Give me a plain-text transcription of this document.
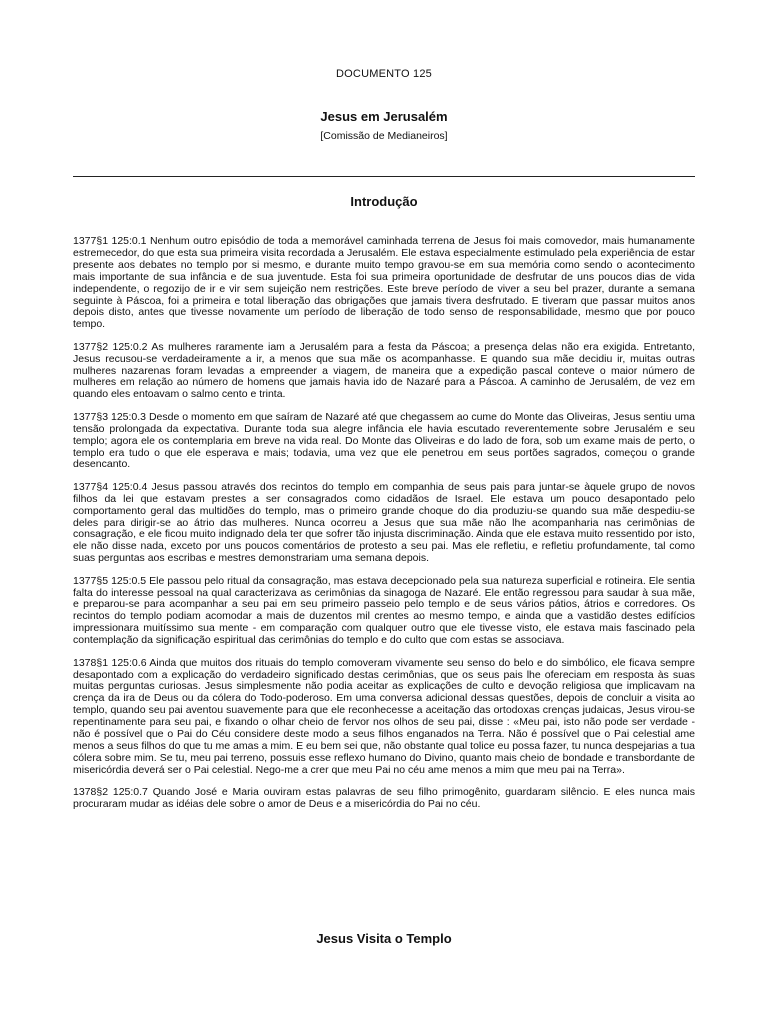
DOCUMENTO 125
Jesus em Jerusalém
[Comissão de Medianeiros]
Introdução

1377§1 125:0.1 Nenhum outro episódio de toda a memorável caminhada terrena de Jesus foi mais comovedor, mais humanamente estremecedor, do que esta sua primeira visita recordada a Jerusalém. Ele estava especialmente estimulado pela experiência de estar presente aos debates no templo por si mesmo, e durante muito tempo gravou-se em sua memória como sendo o acontecimento mais importante de sua infância e de sua juventude. Esta foi sua primeira oportunidade de desfrutar de uns poucos dias de vida independente, o regozijo de ir e vir sem sujeição nem restrições. Este breve período de viver a seu bel prazer, durante a semana seguinte à Páscoa, foi a primeira e total liberação das obrigações que jamais tivera desfrutado. E tiveram que passar muitos anos depois disto, antes que tivesse novamente um período de liberação de todo senso de responsabilidade, mesmo que por pouco tempo.

1377§2 125:0.2 As mulheres raramente iam a Jerusalém para a festa da Páscoa; a presença delas não era exigida. Entretanto, Jesus recusou-se verdadeiramente a ir, a menos que sua mãe os acompanhasse. E quando sua mãe decidiu ir, muitas outras mulheres nazarenas foram levadas a empreender a viagem, de maneira que a expedição pascal conteve o maior número de mulheres em relação ao número de homens que jamais havia ido de Nazaré para a Páscoa. A caminho de Jerusalém, de vez em quando eles entoavam o salmo cento e trinta.

1377§3 125:0.3 Desde o momento em que saíram de Nazaré até que chegassem ao cume do Monte das Oliveiras, Jesus sentiu uma tensão prolongada da expectativa. Durante toda sua alegre infância ele havia escutado reverentemente sobre Jerusalém e seu templo; agora ele os contemplaria em breve na vida real. Do Monte das Oliveiras e do lado de fora, sob um exame mais de perto, o templo era tudo o que ele esperava e mais; todavia, uma vez que ele penetrou em seus portões sagrados, começou o grande desencanto.

1377§4 125:0.4 Jesus passou através dos recintos do templo em companhia de seus pais para juntar-se àquele grupo de novos filhos da lei que estavam prestes a ser consagrados como cidadãos de Israel. Ele estava um pouco desapontado pelo comportamento geral das multidões do templo, mas o primeiro grande choque do dia produziu-se quando sua mãe despediu-se deles para dirigir-se ao átrio das mulheres. Nunca ocorreu a Jesus que sua mãe não lhe acompanharia nas cerimônias de consagração, e ele ficou muito indignado dela ter que sofrer tão injusta discriminação. Ainda que ele estava muito ressentido por isto, ele não disse nada, exceto por uns poucos comentários de protesto a seu pai. Mas ele refletiu, e refletiu profundamente, tal como suas perguntas aos escribas e mestres demonstrariam uma semana depois.

1377§5 125:0.5 Ele passou pelo ritual da consagração, mas estava decepcionado pela sua natureza superficial e rotineira. Ele sentia falta do interesse pessoal na qual caracterizava as cerimônias da sinagoga de Nazaré. Ele então regressou para saudar à sua mãe, e preparou-se para acompanhar a seu pai em seu primeiro passeio pelo templo e de seus vários pátios, átrios e corredores. Os recintos do templo podiam acomodar a mais de duzentos mil crentes ao mesmo tempo, e ainda que a vastidão destes edifícios impressionara muitíssimo sua mente - em comparação com qualquer outro que ele tivesse visto, ele estava mais fascinado pela contemplação da significação espiritual das cerimônias do templo e do culto que com estas se associava.

1378§1 125:0.6 Ainda que muitos dos rituais do templo comoveram vivamente seu senso do belo e do simbólico, ele ficava sempre desapontado com a explicação do verdadeiro significado destas cerimônias, que os seus pais lhe ofereciam em resposta às suas muitas perguntas curiosas. Jesus simplesmente não podia aceitar as explicações de culto e devoção religiosa que implicavam na crença da ira de Deus ou da cólera do Todo-poderoso. Em uma conversa adicional dessas questões, depois de concluir a visita ao templo, quando seu pai aventou suavemente para que ele reconhecesse a aceitação das ortodoxas crenças judaicas, Jesus virou-se repentinamente para seu pai, e fixando o olhar cheio de fervor nos olhos de seu pai, disse : «Meu pai, isto não pode ser verdade - não é possível que o Pai do Céu considere deste modo a seus filhos enganados na Terra. Não é possível que o Pai celestial ame menos a seus filhos do que tu me amas a mim. E eu bem sei que, não obstante qual tolice eu possa fazer, tu nunca despejarias a tua cólera sobre mim. Se tu, meu pai terreno, possuis esse reflexo humano do Divino, quanto mais cheio de bondade e transbordante de misericórdia deverá ser o Pai celestial. Nego-me a crer que meu Pai no céu ame menos a mim que meu pai na Terra».

1378§2 125:0.7 Quando José e Maria ouviram estas palavras de seu filho primogênito, guardaram silêncio. E eles nunca mais procuraram mudar as idéias dele sobre o amor de Deus e a misericórdia do Pai no céu.

Jesus Visita o Templo
